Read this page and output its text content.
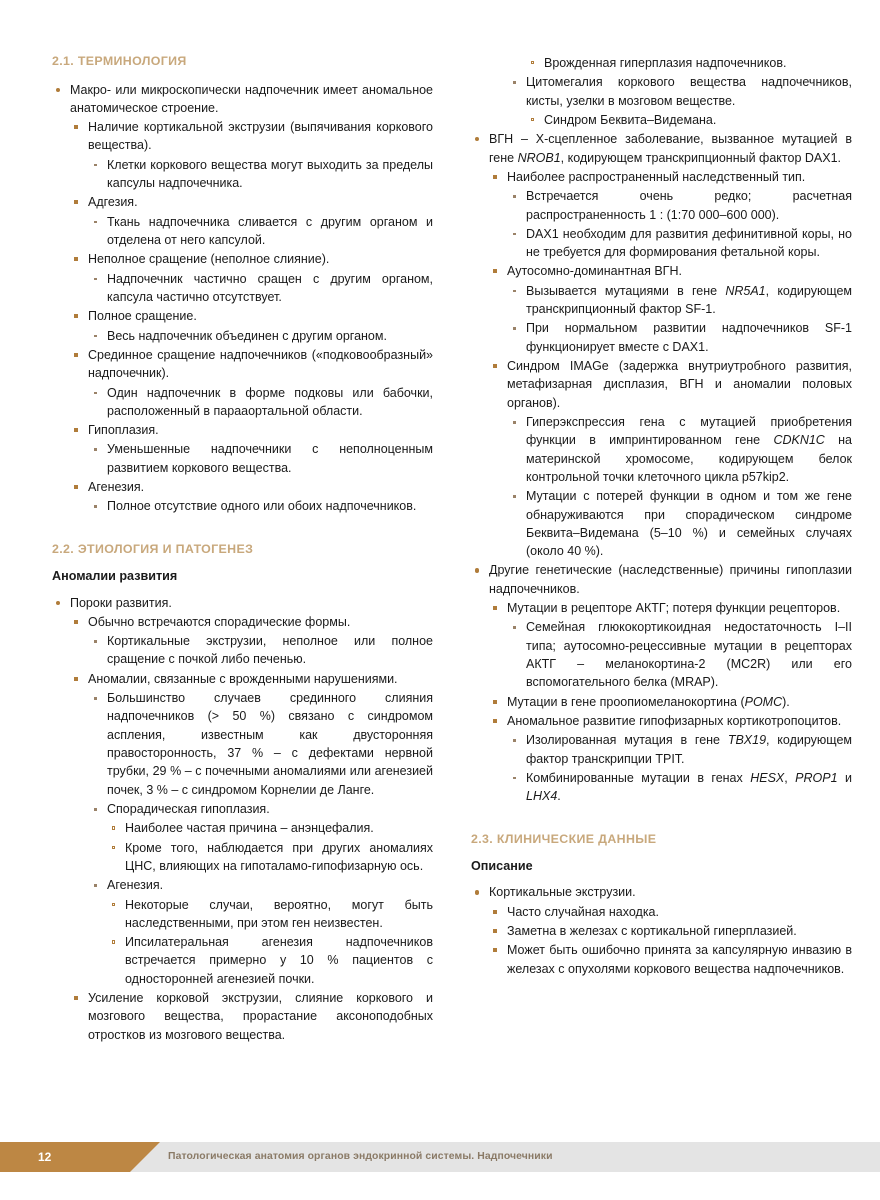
2.1. ТЕРМИНОЛОГИЯ
Макро- или микроскопически надпочечник имеет аномальное анатомическое строение.
Наличие кортикальной экструзии (выпячивания коркового вещества).
Клетки коркового вещества могут выходить за пределы капсулы надпочечника.
Адгезия.
Ткань надпочечника сливается с другим органом и отделена от него капсулой.
Неполное сращение (неполное слияние).
Надпочечник частично сращен с другим органом, капсула частично отсутствует.
Полное сращение.
Весь надпочечник объединен с другим органом.
Срединное сращение надпочечников («подковообразный» надпочечник).
Один надпочечник в форме подковы или бабочки, расположенный в парааортальной области.
Гипоплазия.
Уменьшенные надпочечники с неполноценным развитием коркового вещества.
Агенезия.
Полное отсутствие одного или обоих надпочечников.
2.2. ЭТИОЛОГИЯ И ПАТОГЕНЕЗ
Аномалии развития
Пороки развития.
Обычно встречаются спорадические формы.
Кортикальные экструзии, неполное или полное сращение с почкой либо печенью.
Аномалии, связанные с врожденными нарушениями.
Большинство случаев срединного слияния надпочечников (> 50 %) связано с синдромом аспления, известным как двусторонняя правосторонность, 37 % – с дефектами нервной трубки, 29 % – с почечными аномалиями или агенезией почек, 3 % – с синдромом Корнелии де Ланге.
Спорадическая гипоплазия.
Наиболее частая причина – анэнцефалия.
Кроме того, наблюдается при других аномалиях ЦНС, влияющих на гипоталамо-гипофизарную ось.
Агенезия.
Некоторые случаи, вероятно, могут быть наследственными, при этом ген неизвестен.
Ипсилатеральная агенезия надпочечников встречается примерно у 10 % пациентов с односторонней агенезией почки.
Усиление корковой экструзии, слияние коркового и мозгового вещества, прорастание аксоноподобных отростков из мозгового вещества.
Врожденная гиперплазия надпочечников.
Цитомегалия коркового вещества надпочечников, кисты, узелки в мозговом веществе.
Синдром Беквита–Видемана.
ВГН – Х-сцепленное заболевание, вызванное мутацией в гене NROB1, кодирующем транскрипционный фактор DAX1.
Наиболее распространенный наследственный тип.
Встречается очень редко; расчетная распространенность 1 : (1:70 000–600 000).
DAX1 необходим для развития дефинитивной коры, но не требуется для формирования фетальной коры.
Аутосомно-доминантная ВГН.
Вызывается мутациями в гене NR5A1, кодирующем транскрипционный фактор SF-1.
При нормальном развитии надпочечников SF-1 функционирует вместе с DAX1.
Синдром IMAGe (задержка внутриутробного развития, метафизарная дисплазия, ВГН и аномалии половых органов).
Гиперэкспрессия гена с мутацией приобретения функции в импринтированном гене CDKN1C на материнской хромосоме, кодирующем белок контрольной точки клеточного цикла p57kip2.
Мутации с потерей функции в одном и том же гене обнаруживаются при спорадическом синдроме Беквита–Видемана (5–10 %) и семейных случаях (около 40 %).
Другие генетические (наследственные) причины гипоплазии надпочечников.
Мутации в рецепторе АКТГ; потеря функции рецепторов.
Семейная глюкокортикоидная недостаточность I–II типа; аутосомно-рецессивные мутации в рецепторах АКТГ – меланокортина-2 (MC2R) или его вспомогательного белка (MRAP).
Мутации в гене проопиомеланокортина (POMC).
Аномальное развитие гипофизарных кортикотропоцитов.
Изолированная мутация в гене TBX19, кодирующем фактор транскрипции TPIT.
Комбинированные мутации в генах HESX, PROP1 и LHX4.
2.3. КЛИНИЧЕСКИЕ ДАННЫЕ
Описание
Кортикальные экструзии.
Часто случайная находка.
Заметна в железах с кортикальной гиперплазией.
Может быть ошибочно принята за капсулярную инвазию в железах с опухолями коркового вещества надпочечников.
12	Патологическая анатомия органов эндокринной системы. Надпочечники
